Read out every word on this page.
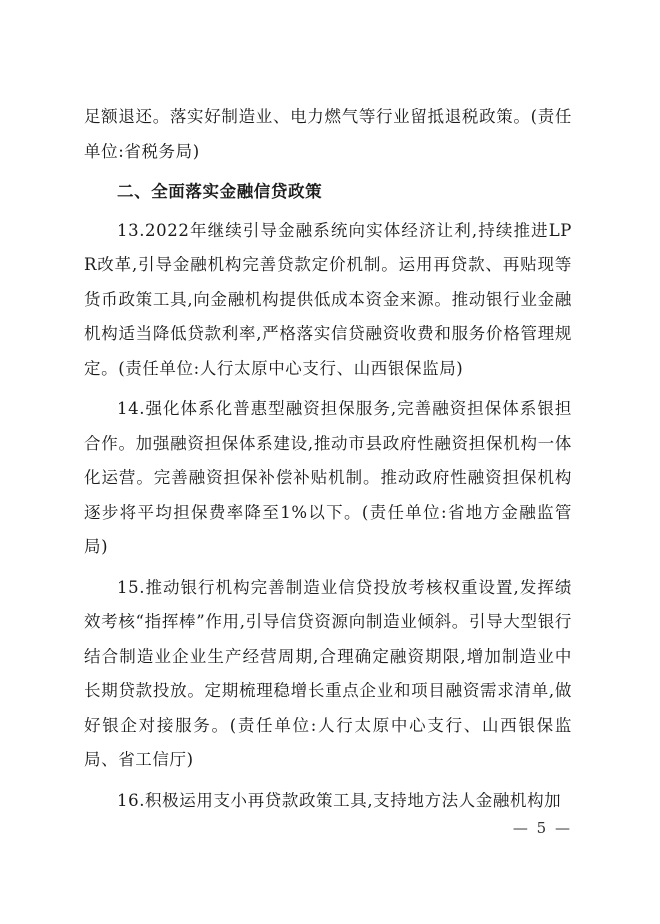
足额退还。落实好制造业、电力燃气等行业留抵退税政策。(责任单位:省税务局)

二、全面落实金融信贷政策

13.2022年继续引导金融系统向实体经济让利,持续推进LPR改革,引导金融机构完善贷款定价机制。运用再贷款、再贴现等货币政策工具,向金融机构提供低成本资金来源。推动银行业金融机构适当降低贷款利率,严格落实信贷融资收费和服务价格管理规定。(责任单位:人行太原中心支行、山西银保监局)

14.强化体系化普惠型融资担保服务,完善融资担保体系银担合作。加强融资担保体系建设,推动市县政府性融资担保机构一体化运营。完善融资担保补偿补贴机制。推动政府性融资担保机构逐步将平均担保费率降至1%以下。(责任单位:省地方金融监管局)

15.推动银行机构完善制造业信贷投放考核权重设置,发挥绩效考核“指挥棒”作用,引导信贷资源向制造业倾斜。引导大型银行结合制造业企业生产经营周期,合理确定融资期限,增加制造业中长期贷款投放。定期梳理稳增长重点企业和项目融资需求清单,做好银企对接服务。(责任单位:人行太原中心支行、山西银保监局、省工信厅)

16.积极运用支小再贷款政策工具,支持地方法人金融机构加

— 5 —
